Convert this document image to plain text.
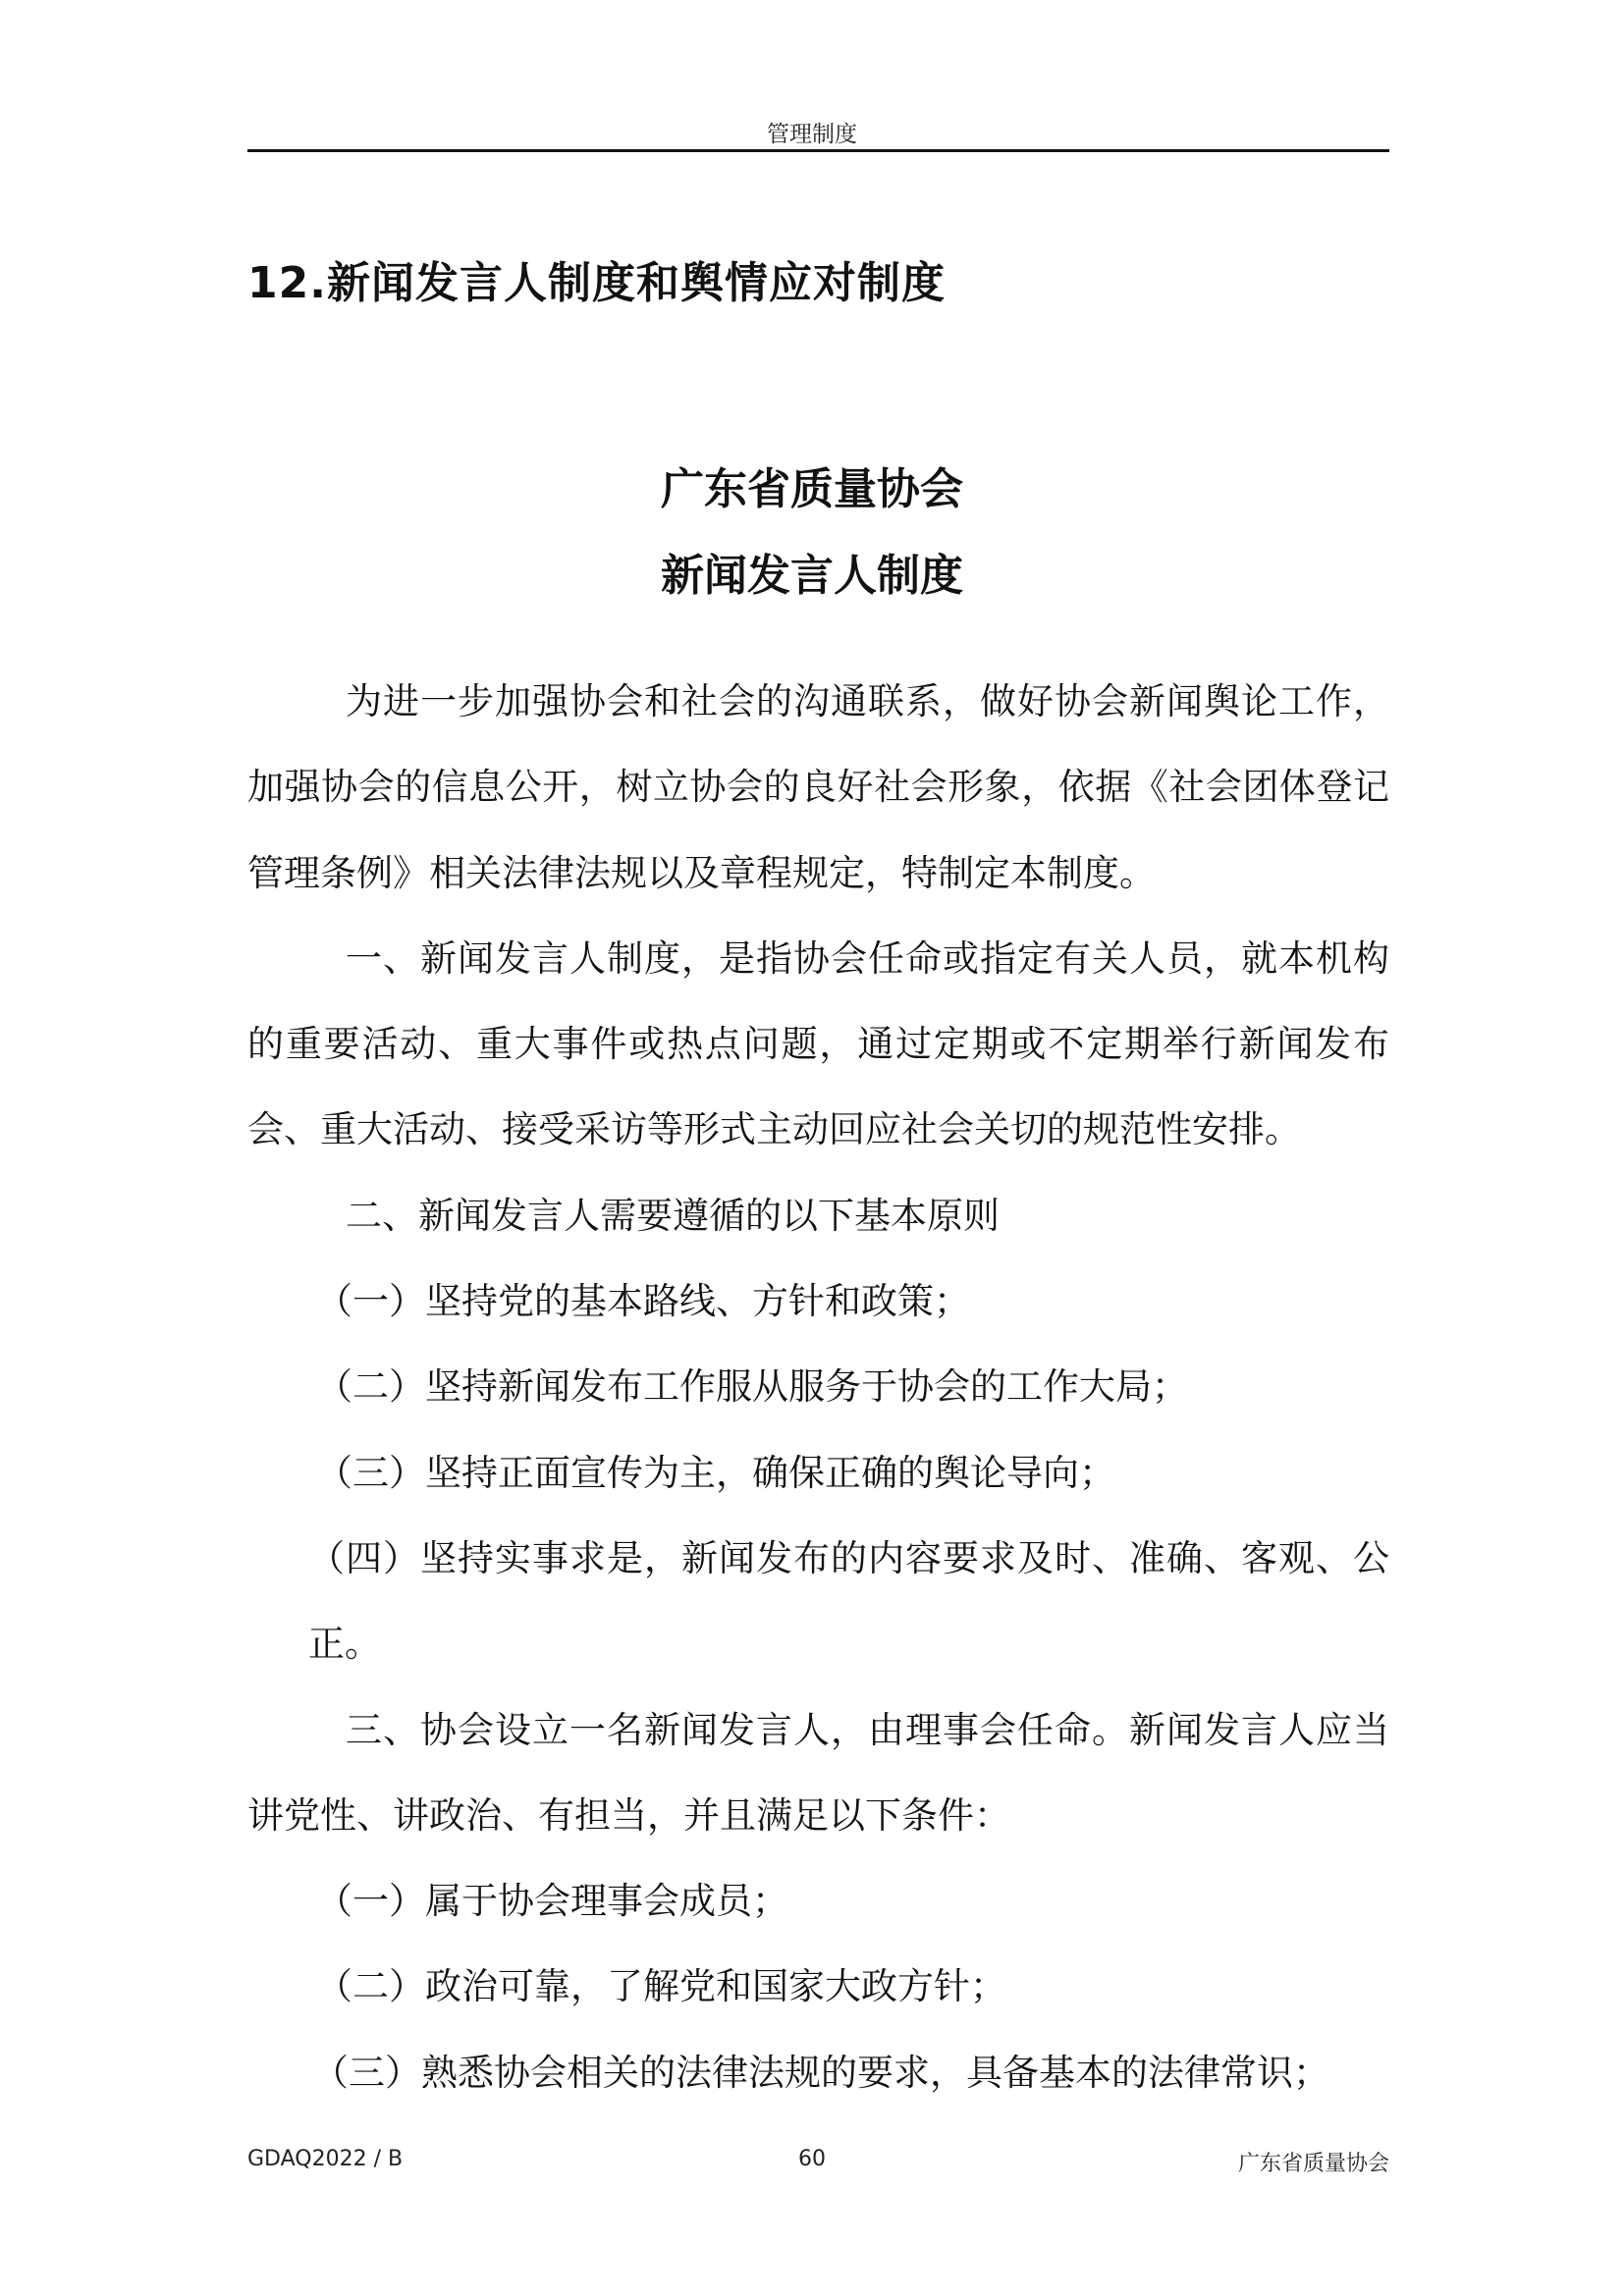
管理制度
12.新闻发言人制度和舆情应对制度
广东省质量协会
新闻发言人制度

为进一步加强协会和社会的沟通联系，做好协会新闻舆论工作，加强协会的信息公开，树立协会的良好社会形象，依据《社会团体登记管理条例》相关法律法规以及章程规定，特制定本制度。

一、新闻发言人制度，是指协会任命或指定有关人员，就本机构的重要活动、重大事件或热点问题，通过定期或不定期举行新闻发布会、重大活动、接受采访等形式主动回应社会关切的规范性安排。

二、新闻发言人需要遵循的以下基本原则

（一）坚持党的基本路线、方针和政策；

（二）坚持新闻发布工作服从服务于协会的工作大局；

（三）坚持正面宣传为主，确保正确的舆论导向；

（四）坚持实事求是，新闻发布的内容要求及时、准确、客观、公正。

三、协会设立一名新闻发言人，由理事会任命。新闻发言人应当讲党性、讲政治、有担当，并且满足以下条件：

（一）属于协会理事会成员；

（二）政治可靠，了解党和国家大政方针；

（三）熟悉协会相关的法律法规的要求，具备基本的法律常识；

GDAQ2022 / B	60	广东省质量协会
